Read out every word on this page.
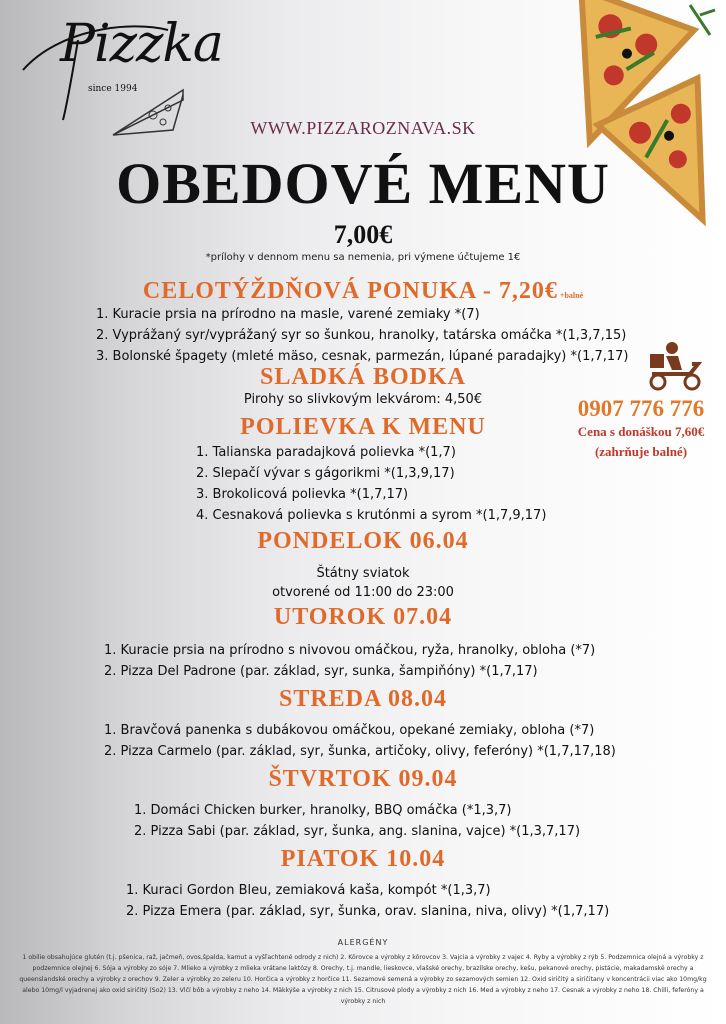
Pizzka
since 1994
WWW.PIZZAROZNAVA.SK
OBEDOVÉ MENU
7,00€
*prílohy v dennom menu sa nemenia, pri výmene účtujeme 1€
CELOTÝŽDŇOVÁ PONUKA - 7,20€ +balné
1. Kuracie prsia na prírodno na masle, varené zemiaky *(7)
2. Vyprážaný syr/vyprážaný syr so šunkou, hranolky, tatárska omáčka *(1,3,7,15)
3. Bolonské špagety (mleté mäso, cesnak, parmezán, lúpané paradajky) *(1,7,17)
SLADKÁ BODKA
Pirohy so slivkovým lekvárom: 4,50€
POLIEVKA K MENU
1. Talianska paradajková polievka *(1,7)
2. Slepačí vývar s gágorikmi *(1,3,9,17)
3. Brokolicová polievka *(1,7,17)
4. Cesnaková polievka s krutónmi a syrom *(1,7,9,17)
0907 776 776
Cena s donáškou 7,60€
(zahrňuje balné)
PONDELOK 06.04
Štátny sviatok
otvorené od 11:00 do 23:00
UTOROK 07.04
1. Kuracie prsia na prírodno s nivovou omáčkou, ryža, hranolky, obloha (*7)
2. Pizza Del Padrone (par. základ, syr, sunka, šampiňóny) *(1,7,17)
STREDA 08.04
1. Bravčová panenka s dubákovou omáčkou, opekané zemiaky, obloha (*7)
2. Pizza Carmelo (par. základ, syr, šunka, artičoky, olivy, feferóny) *(1,7,17,18)
ŠTVRTOK 09.04
1. Domáci Chicken burker, hranolky, BBQ omáčka (*1,3,7)
2. Pizza Sabi (par. základ, syr, šunka, ang. slanina, vajce) *(1,3,7,17)
PIATOK 10.04
1. Kuraci Gordon Bleu, zemiaková kaša, kompót *(1,3,7)
2. Pizza Emera (par. základ, syr, šunka, orav. slanina, niva, olivy) *(1,7,17)
ALERGÉNY
1 obilie obsahujúce glutén (t.j. pšenica, raž, jačmeň, ovos,špalda, kamut a vyšľachtené odrody z nich) 2. Kôrovce a výrobky z kôrovcov 3. Vajcia a výrobky z vajec 4. Ryby a výrobky z rýb 5. Podzemnica olejná a výrobky z podzemnice olejnej 6. Sója a výrobky zo sóje 7. Mlieko a výrobky z mlieka vrátane laktózy 8. Orechy, t.j. mandle, lieskovce, vlašské orechy, brazílske orechy, kešu, pekanové orechy, pistácie, makadamské orechy a queenslandské orechy a výrobky z orechov 9. Zeler a výrobky zo zeleru 10. Horčica a výrobky z horčice 11. Sezamové semená a výrobky zo sezamových semien 12. Oxid siričitý a siričitany v koncentrácii viac ako 10mg/kg alebo 10mg/l vyjadrenej ako oxid siričitý (So2) 13. Vlčí bôb a výrobky z neho 14. Mäkkýše a výrobky z nich 15. Citrusové plody a výrobky z nich 16. Med a výrobky z neho 17. Cesnak a výrobky z neho 18. Chilli, feferóny a výrobky z nich
